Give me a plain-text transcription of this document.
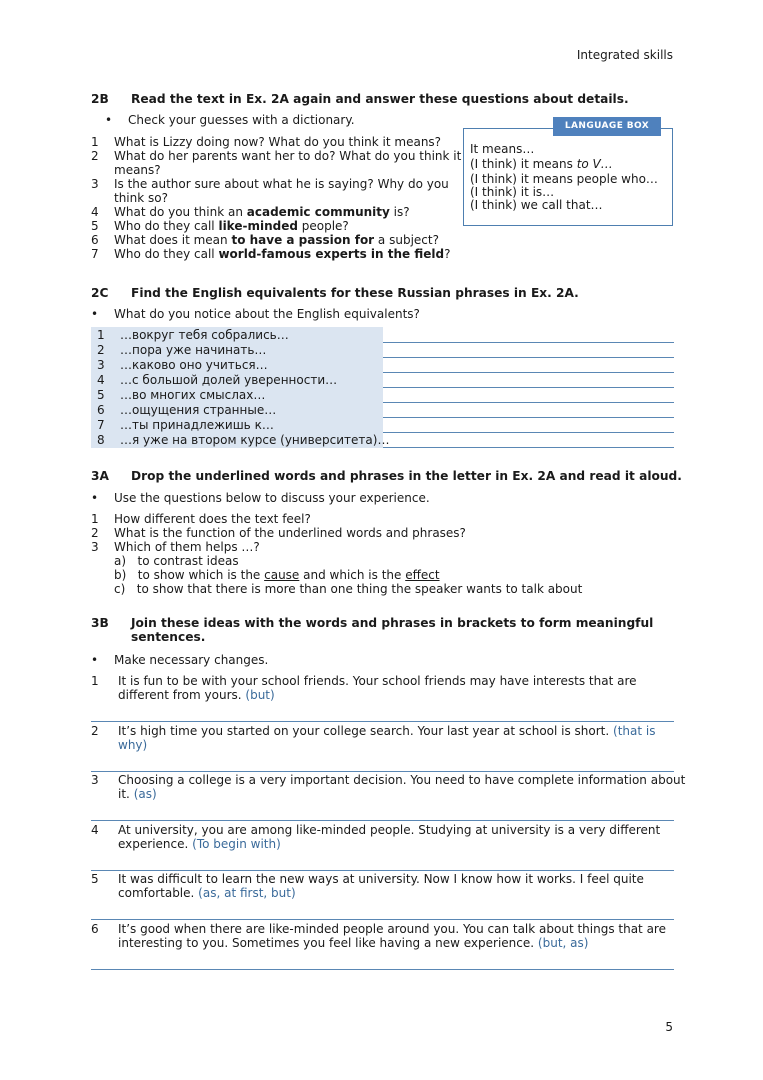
Integrated skills
2B Read the text in Ex. 2A again and answer these questions about details.
• Check your guesses with a dictionary.
1 What is Lizzy doing now? What do you think it means?
2 What do her parents want her to do? What do you think it
means?
3 Is the author sure about what he is saying? Why do you
think so?
4 What do you think an academic community is?
5 Who do they call like-minded people?
6 What does it mean to have a passion for a subject?
7 Who do they call world-famous experts in the field?
LANGUAGE BOX
It means…
(I think) it means to V…
(I think) it means people who…
(I think) it is…
(I think) we call that…
2C Find the English equivalents for these Russian phrases in Ex. 2A.
• What do you notice about the English equivalents?
1 …вокруг тебя собрались…
2 …пора уже начинать…
3 …каково оно учиться…
4 …с большой долей уверенности…
5 …во многих смыслах…
6 …ощущения странные…
7 …ты принадлежишь к…
8 …я уже на втором курсе (университета)…
3A Drop the underlined words and phrases in the letter in Ex. 2A and read it aloud.
• Use the questions below to discuss your experience.
1 How different does the text feel?
2 What is the function of the underlined words and phrases?
3 Which of them helps …?
a)   to contrast ideas
b)   to show which is the cause and which is the effect
c)   to show that there is more than one thing the speaker wants to talk about
3B Join these ideas with the words and phrases in brackets to form meaningful
sentences.
• Make necessary changes.
1 It is fun to be with your school friends. Your school friends may have interests that are
different from yours. (but)
2 It’s high time you started on your college search. Your last year at school is short. (that is
why)
3 Choosing a college is a very important decision. You need to have complete information about
it. (as)
4 At university, you are among like-minded people. Studying at university is a very different
experience. (To begin with)
5 It was difficult to learn the new ways at university. Now I know how it works. I feel quite
comfortable. (as, at first, but)
6 It’s good when there are like-minded people around you. You can talk about things that are
interesting to you. Sometimes you feel like having a new experience. (but, as)
5
